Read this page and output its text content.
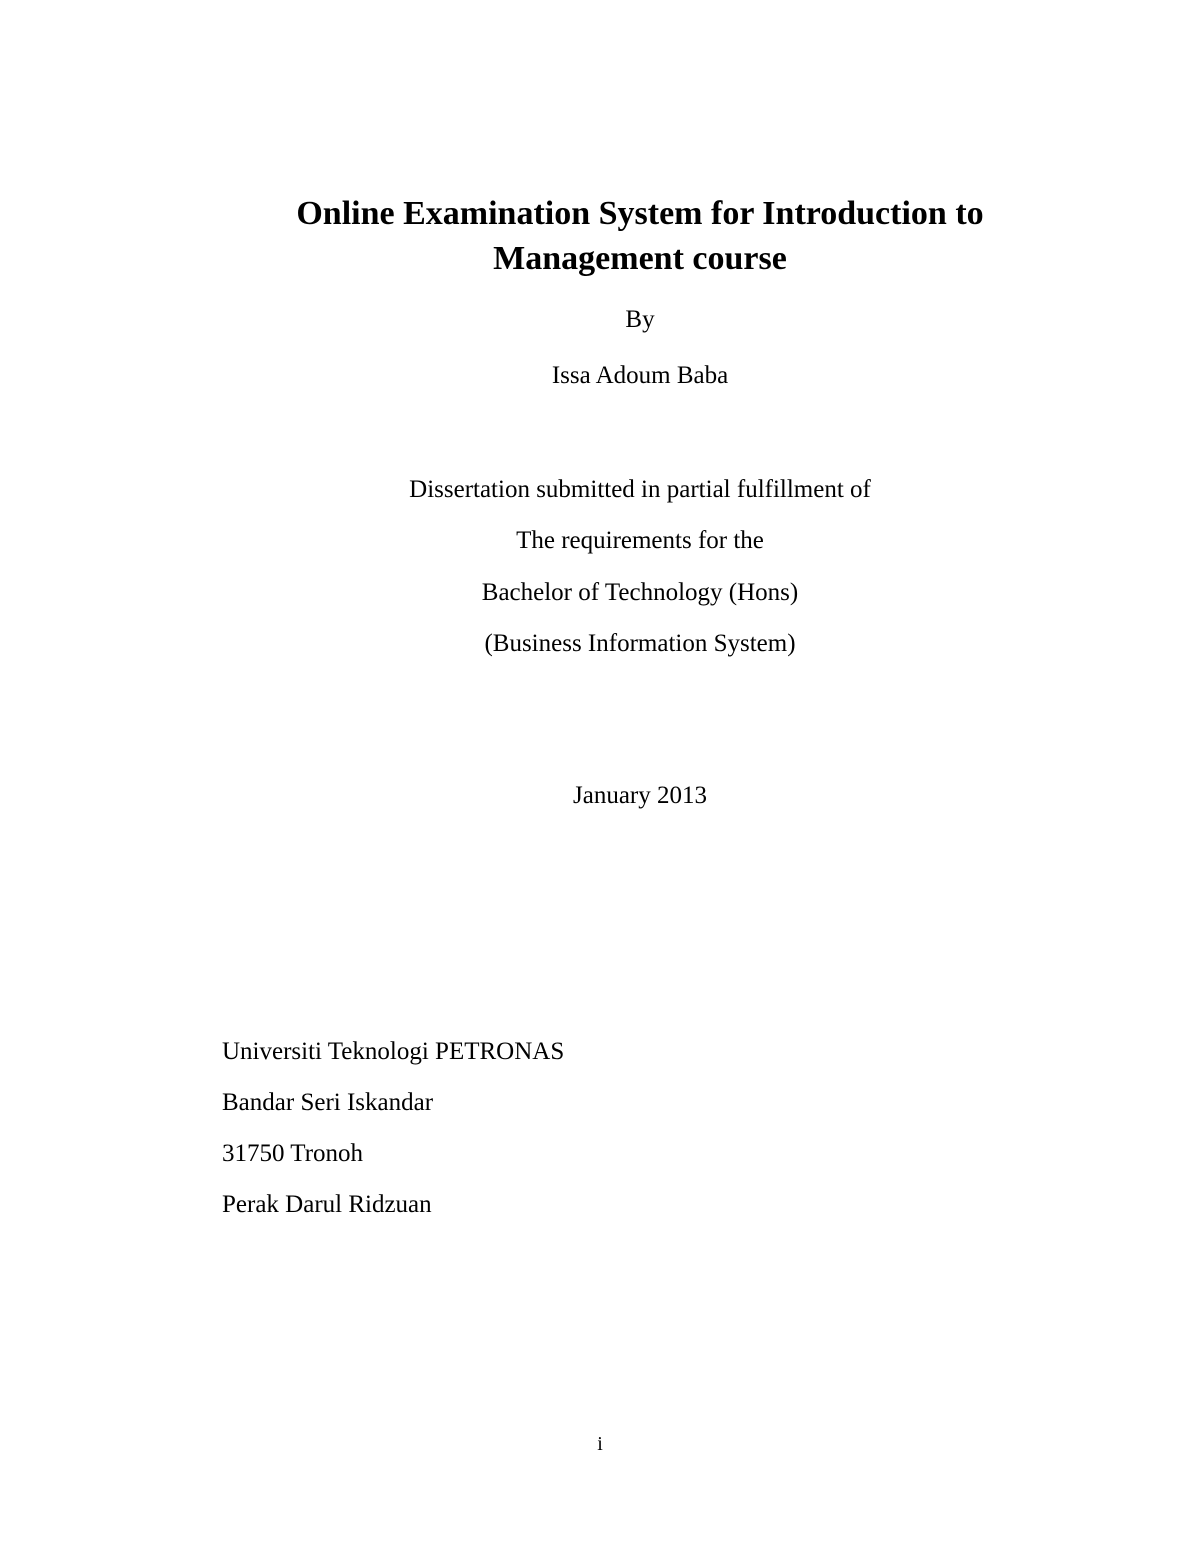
Online Examination System for Introduction to
Management course
By
Issa Adoum Baba
Dissertation submitted in partial fulfillment of
The requirements for the
Bachelor of Technology (Hons)
(Business Information System)
January 2013
Universiti Teknologi PETRONAS
Bandar Seri Iskandar
31750 Tronoh
Perak Darul Ridzuan
i
